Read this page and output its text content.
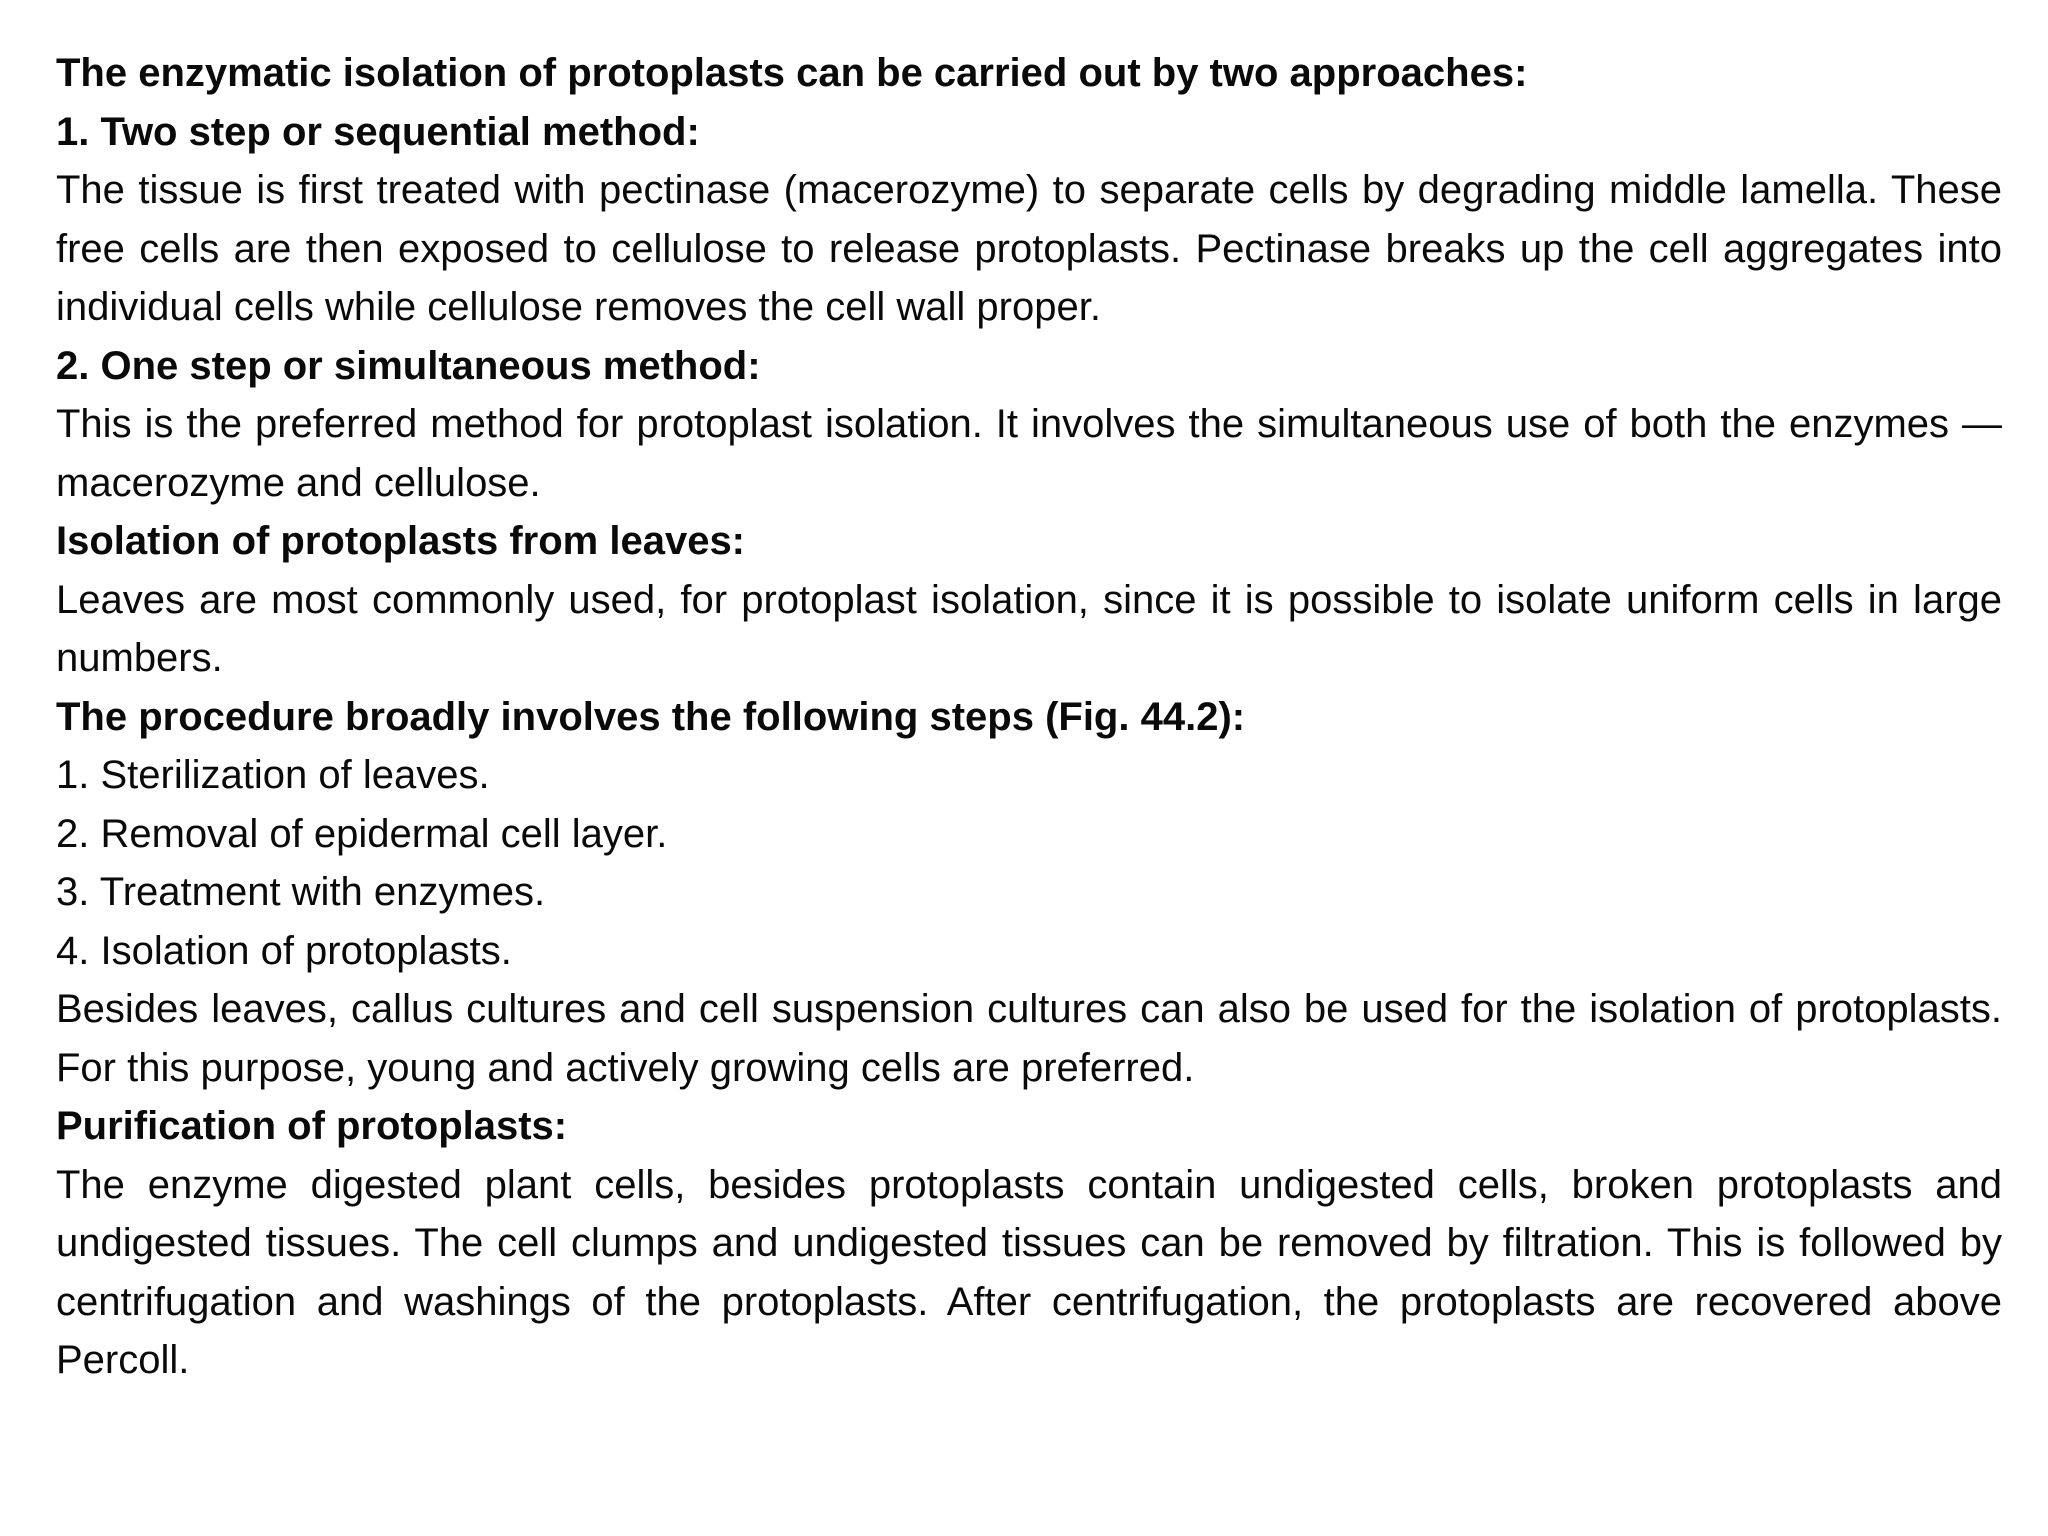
The enzymatic isolation of protoplasts can be carried out by two approaches:
1. Two step or sequential method:
The tissue is first treated with pectinase (macerozyme) to separate cells by degrading middle lamella. These free cells are then exposed to cellulose to release protoplasts. Pectinase breaks up the cell aggregates into individual cells while cellulose removes the cell wall proper.
2. One step or simultaneous method:
This is the preferred method for protoplast isolation. It involves the simultaneous use of both the enzymes — macerozyme and cellulose.
Isolation of protoplasts from leaves:
Leaves are most commonly used, for protoplast isolation, since it is possible to isolate uniform cells in large numbers.
The procedure broadly involves the following steps (Fig. 44.2):
1. Sterilization of leaves.
2. Removal of epidermal cell layer.
3. Treatment with enzymes.
4. Isolation of protoplasts.
Besides leaves, callus cultures and cell suspension cultures can also be used for the isolation of protoplasts. For this purpose, young and actively growing cells are preferred.
Purification of protoplasts:
The enzyme digested plant cells, besides protoplasts contain undigested cells, broken protoplasts and undigested tissues. The cell clumps and undigested tissues can be removed by filtration. This is followed by centrifugation and washings of the protoplasts. After centrifugation, the protoplasts are recovered above Percoll.
